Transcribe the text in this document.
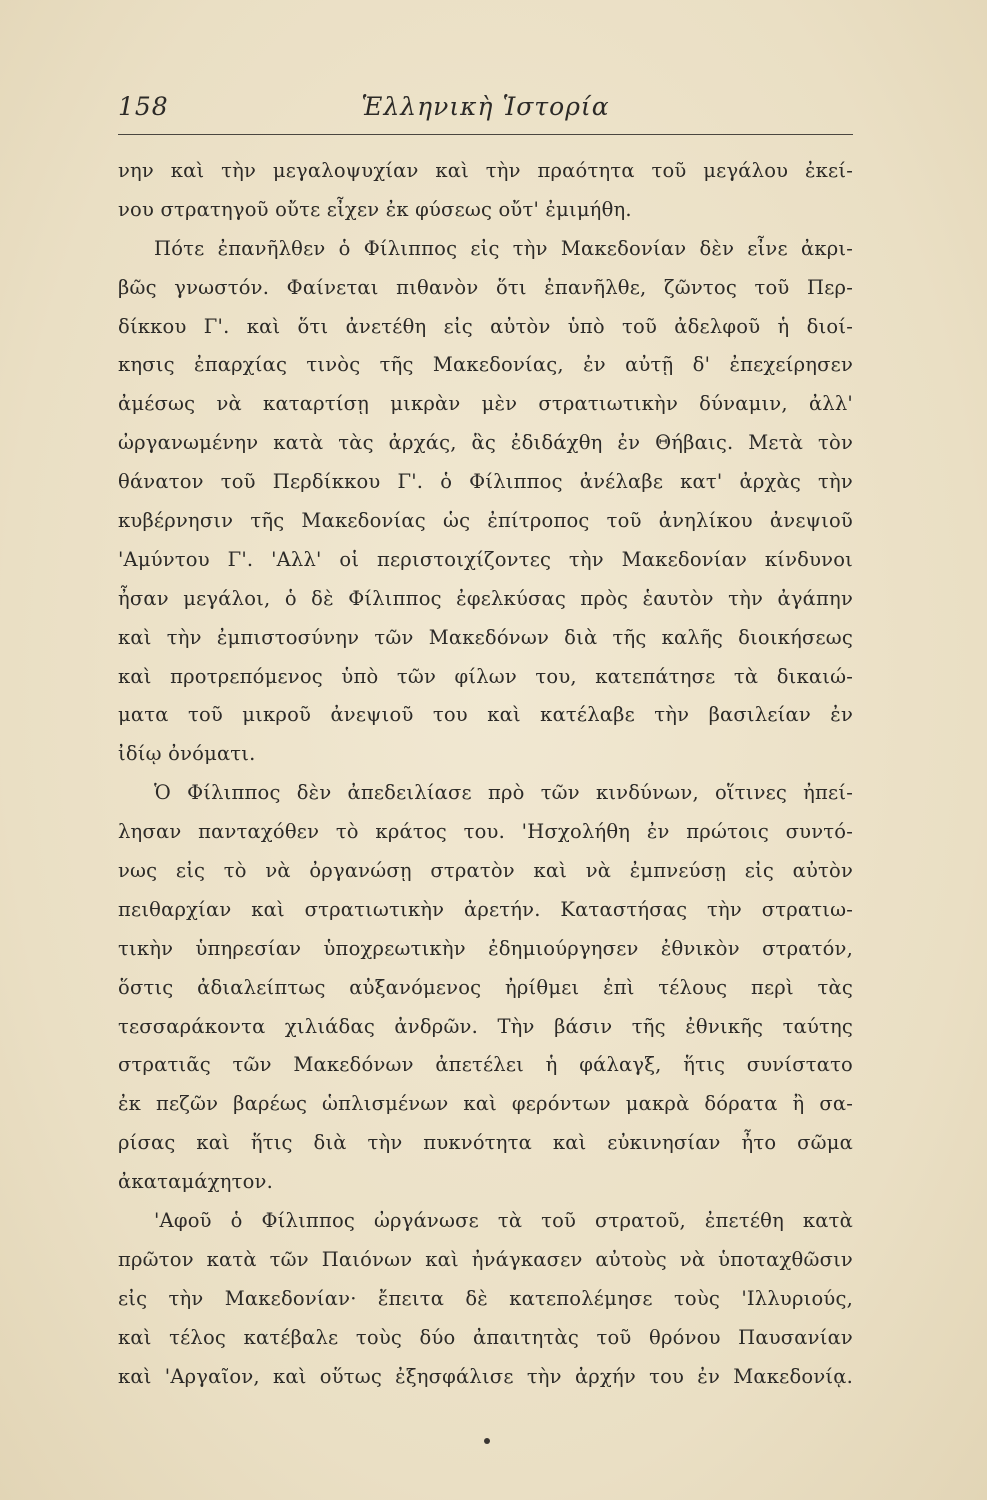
158	Ἑλληνικὴ Ἱστορία
νην καὶ τὴν μεγαλοψυχίαν καὶ τὴν πραότητα τοῦ μεγάλου ἐκεί-
νου στρατηγοῦ οὔτε εἶχεν ἐκ φύσεως οὔτ' ἐμιμήθη.
Πότε ἐπανῆλθεν ὁ Φίλιππος εἰς τὴν Μακεδονίαν δὲν εἶνε ἀκρι-
βῶς γνωστόν. Φαίνεται πιθανὸν ὅτι ἐπανῆλθε, ζῶντος τοῦ Περ-
δίκκου Γ'. καὶ ὅτι ἀνετέθη εἰς αὐτὸν ὑπὸ τοῦ ἀδελφοῦ ἡ διοί-
κησις ἐπαρχίας τινὸς τῆς Μακεδονίας, ἐν αὐτῇ δ' ἐπεχείρησεν
ἀμέσως νὰ καταρτίσῃ μικρὰν μὲν στρατιωτικὴν δύναμιν, ἀλλ'
ὠργανωμένην κατὰ τὰς ἀρχάς, ἃς ἐδιδάχθη ἐν Θήβαις. Μετὰ τὸν
θάνατον τοῦ Περδίκκου Γ'. ὁ Φίλιππος ἀνέλαβε κατ' ἀρχὰς τὴν
κυβέρνησιν τῆς Μακεδονίας ὡς ἐπίτροπος τοῦ ἀνηλίκου ἀνεψιοῦ
'Αμύντου Γ'. 'Αλλ' οἱ περιστοιχίζοντες τὴν Μακεδονίαν κίνδυνοι
ἦσαν μεγάλοι, ὁ δὲ Φίλιππος ἐφελκύσας πρὸς ἑαυτὸν τὴν ἀγάπην
καὶ τὴν ἐμπιστοσύνην τῶν Μακεδόνων διὰ τῆς καλῆς διοικήσεως
καὶ προτρεπόμενος ὑπὸ τῶν φίλων του, κατεπάτησε τὰ δικαιώ-
ματα τοῦ μικροῦ ἀνεψιοῦ του καὶ κατέλαβε τὴν βασιλείαν ἐν
ἰδίῳ ὀνόματι.
Ὁ Φίλιππος δὲν ἀπεδειλίασε πρὸ τῶν κινδύνων, οἵτινες ἠπεί-
λησαν πανταχόθεν τὸ κράτος του. 'Ησχολήθη ἐν πρώτοις συντό-
νως εἰς τὸ νὰ ὀργανώσῃ στρατὸν καὶ νὰ ἐμπνεύσῃ εἰς αὐτὸν
πειθαρχίαν καὶ στρατιωτικὴν ἀρετήν. Καταστήσας τὴν στρατιω-
τικὴν ὑπηρεσίαν ὑποχρεωτικὴν ἐδημιούργησεν ἐθνικὸν στρατόν,
ὅστις ἀδιαλείπτως αὐξανόμενος ἠρίθμει ἐπὶ τέλους περὶ τὰς
τεσσαράκοντα χιλιάδας ἀνδρῶν. Τὴν βάσιν τῆς ἐθνικῆς ταύτης
στρατιᾶς τῶν Μακεδόνων ἀπετέλει ἡ φάλαγξ, ἥτις συνίστατο
ἐκ πεζῶν βαρέως ὡπλισμένων καὶ φερόντων μακρὰ δόρατα ἢ σα-
ρίσας καὶ ἥτις διὰ τὴν πυκνότητα καὶ εὐκινησίαν ἦτο σῶμα
ἀκαταμάχητον.
'Αφοῦ ὁ Φίλιππος ὠργάνωσε τὰ τοῦ στρατοῦ, ἐπετέθη κατὰ
πρῶτον κατὰ τῶν Παιόνων καὶ ἠνάγκασεν αὐτοὺς νὰ ὑποταχθῶσιν
εἰς τὴν Μακεδονίαν· ἔπειτα δὲ κατεπολέμησε τοὺς 'Ιλλυριούς,
καὶ τέλος κατέβαλε τοὺς δύο ἀπαιτητὰς τοῦ θρόνου Παυσανίαν
καὶ 'Αργαῖον, καὶ οὕτως ἐξησφάλισε τὴν ἀρχήν του ἐν Μακεδονίᾳ.
